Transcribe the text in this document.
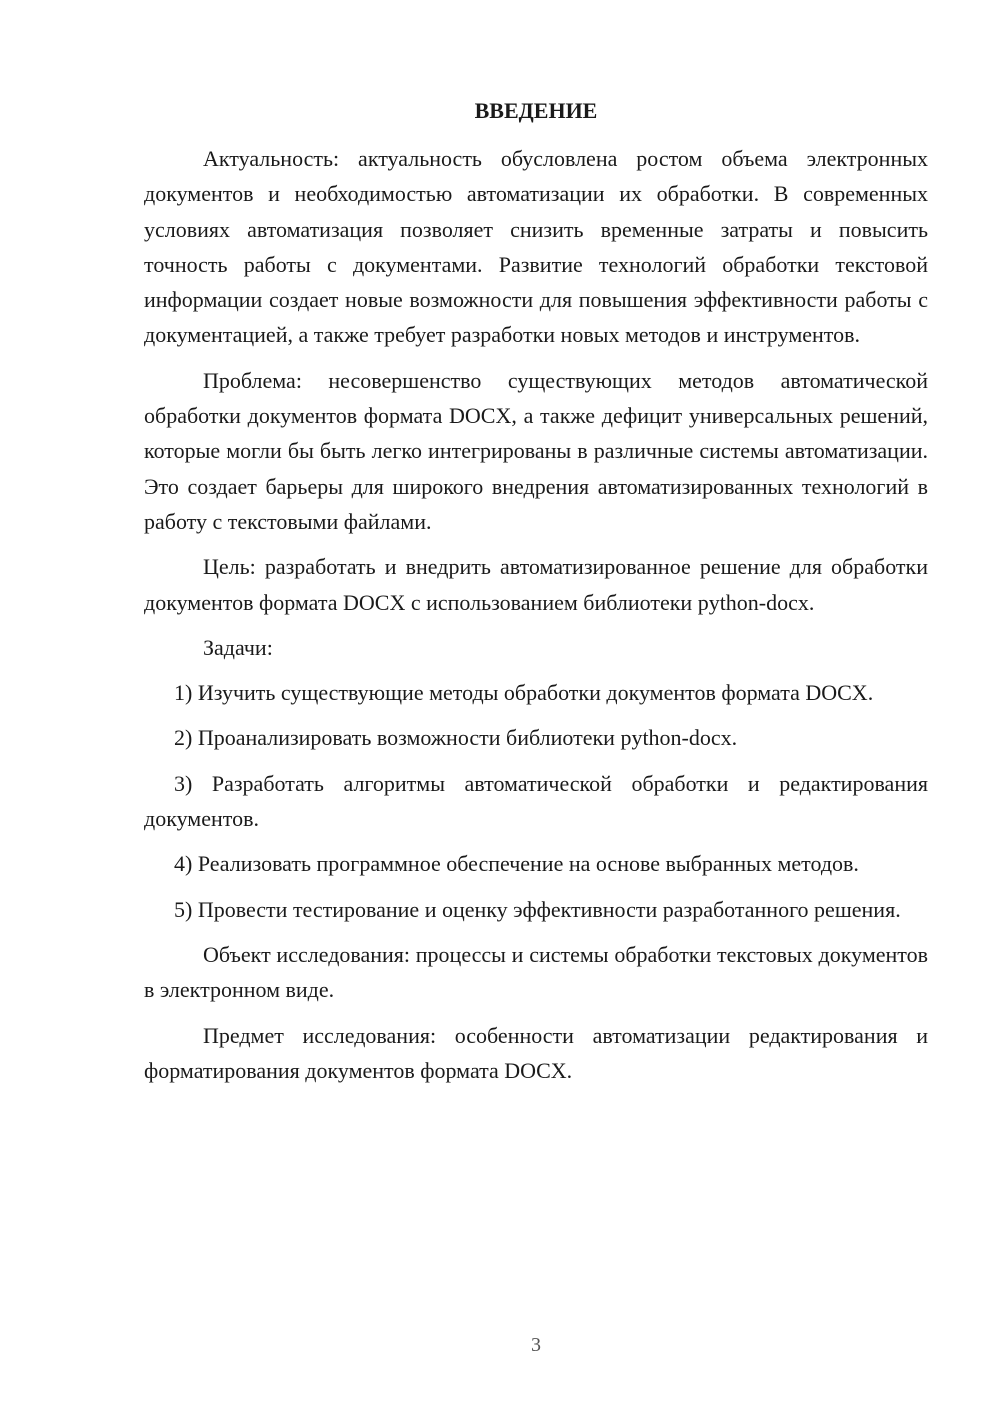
ВВЕДЕНИЕ

Актуальность: актуальность обусловлена ростом объема электронных документов и необходимостью автоматизации их обработки. В современных условиях автоматизация позволяет снизить временные затраты и повысить точность работы с документами. Развитие технологий обработки текстовой информации создает новые возможности для повышения эффективности работы с документацией, а также требует разработки новых методов и инструментов.

Проблема: несовершенство существующих методов автоматической обработки документов формата DOCX, а также дефицит универсальных решений, которые могли бы быть легко интегрированы в различные системы автоматизации. Это создает барьеры для широкого внедрения автоматизированных технологий в работу с текстовыми файлами.

Цель: разработать и внедрить автоматизированное решение для обработки документов формата DOCX с использованием библиотеки python-docx.

Задачи:

1) Изучить существующие методы обработки документов формата DOCX.

2) Проанализировать возможности библиотеки python-docx.

3) Разработать алгоритмы автоматической обработки и редактирования документов.

4) Реализовать программное обеспечение на основе выбранных методов.

5) Провести тестирование и оценку эффективности разработанного решения.

Объект исследования: процессы и системы обработки текстовых документов в электронном виде.

Предмет исследования: особенности автоматизации редактирования и форматирования документов формата DOCX.

3
